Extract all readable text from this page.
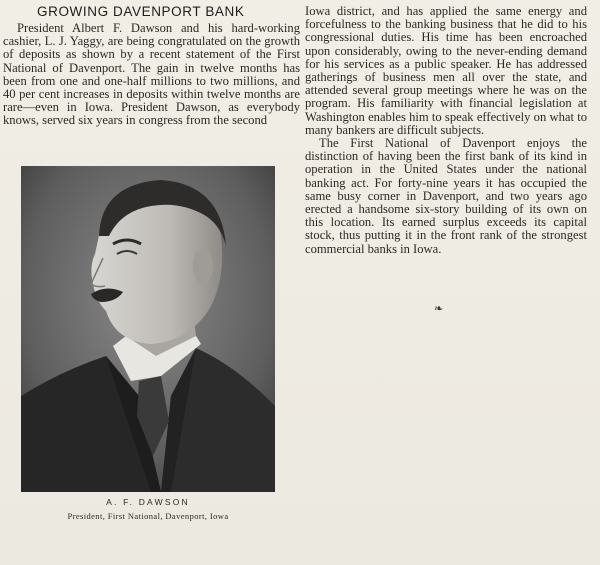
GROWING DAVENPORT BANK

President Albert F. Dawson and his hard-working cashier, L. J. Yaggy, are being congratulated on the growth of deposits as shown by a recent statement of the First National of Davenport. The gain in twelve months has been from one and one-half millions to two millions, and 40 per cent increases in deposits within twelve months are rare—even in Iowa. President Dawson, as everybody knows, served six years in congress from the second

A. F. DAWSON
President, First National, Davenport, Iowa

Iowa district, and has applied the same energy and forcefulness to the banking business that he did to his congressional duties. His time has been encroached upon considerably, owing to the never-ending demand for his services as a public speaker. He has addressed gatherings of business men all over the state, and attended several group meetings where he was on the program. His familiarity with financial legislation at Washington enables him to speak effectively on what to many bankers are difficult subjects.

The First National of Davenport enjoys the distinction of having been the first bank of its kind in operation in the United States under the national banking act. For forty-nine years it has occupied the same busy corner in Davenport, and two years ago erected a handsome six-story building of its own on this location. Its earned surplus exceeds its capital stock, thus putting it in the front rank of the strongest commercial banks in Iowa.

❧
